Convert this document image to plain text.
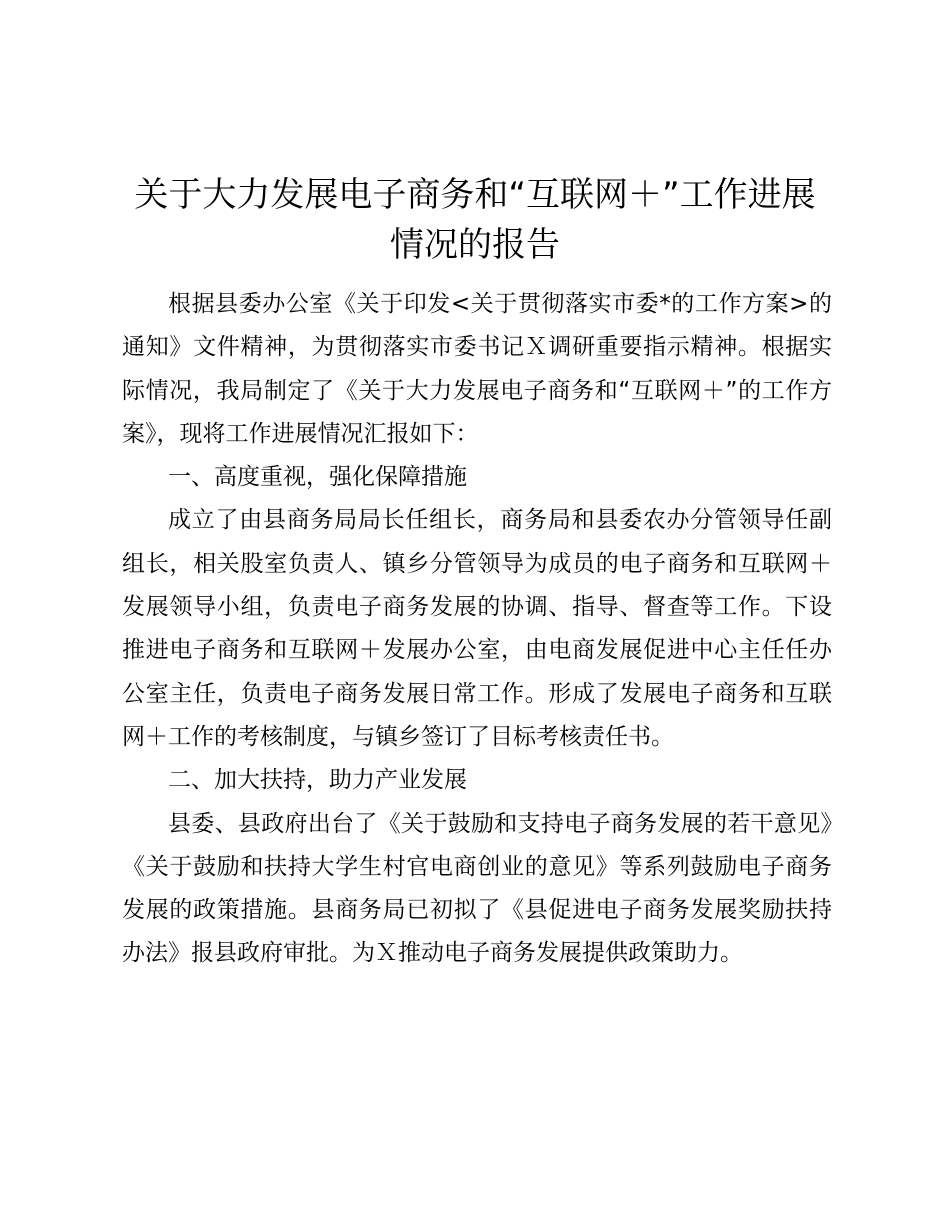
关于大力发展电子商务和“互联网＋”工作进展
情况的报告

根据县委办公室《关于印发<关于贯彻落实市委*的工作方案>的通知》文件精神，为贯彻落实市委书记Ｘ调研重要指示精神。根据实际情况，我局制定了《关于大力发展电子商务和“互联网＋”的工作方案》，现将工作进展情况汇报如下：

一、高度重视，强化保障措施

成立了由县商务局局长任组长，商务局和县委农办分管领导任副组长，相关股室负责人、镇乡分管领导为成员的电子商务和互联网＋发展领导小组，负责电子商务发展的协调、指导、督查等工作。下设推进电子商务和互联网＋发展办公室，由电商发展促进中心主任任办公室主任，负责电子商务发展日常工作。形成了发展电子商务和互联网＋工作的考核制度，与镇乡签订了目标考核责任书。

二、加大扶持，助力产业发展

县委、县政府出台了《关于鼓励和支持电子商务发展的若干意见》《关于鼓励和扶持大学生村官电商创业的意见》等系列鼓励电子商务发展的政策措施。县商务局已初拟了《县促进电子商务发展奖励扶持办法》报县政府审批。为Ｘ推动电子商务发展提供政策助力。
